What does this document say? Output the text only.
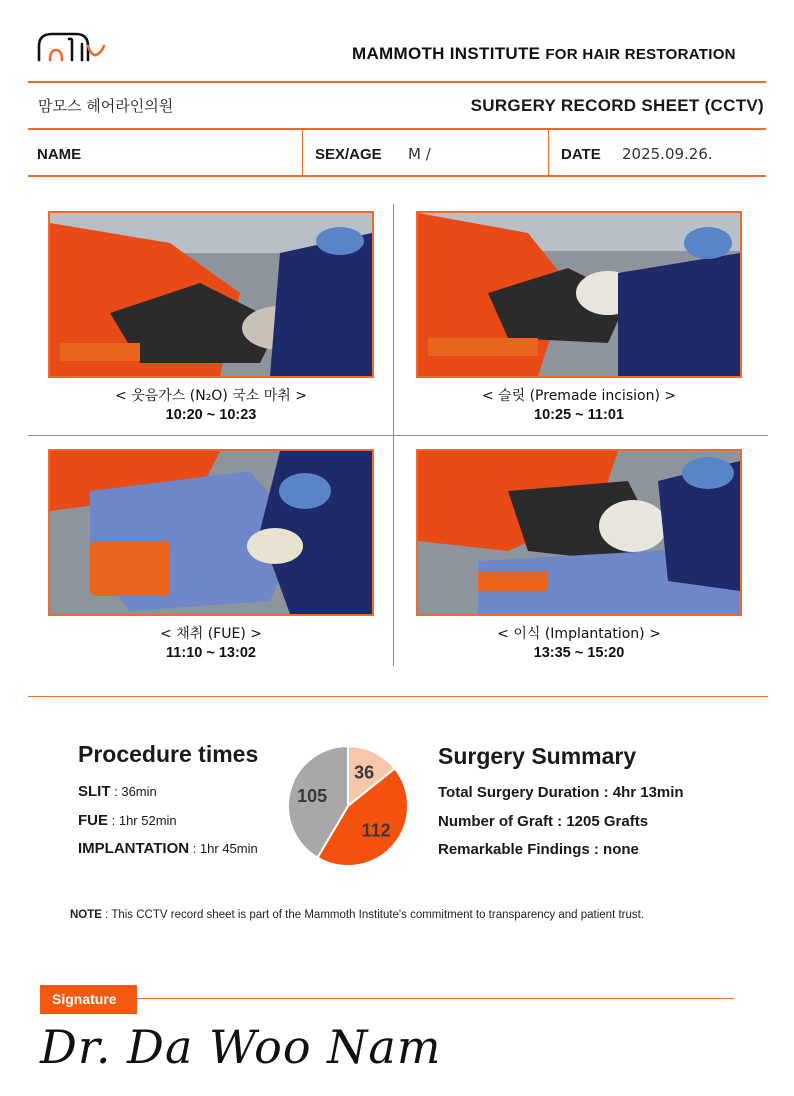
MAMMOTH INSTITUTE FOR HAIR RESTORATION
맘모스 헤어라인의원	SURGERY RECORD SHEET (CCTV)
NAME	SEX/AGE M /	DATE 2025.09.26.
< 웃음가스 (N₂O) 국소 마취 >
10:20 ~ 10:23
< 슬릿 (Premade incision) >
10:25 ~ 11:01
< 채취 (FUE) >
11:10 ~ 13:02
< 이식 (Implantation) >
13:35 ~ 15:20
Procedure times
SLIT : 36min
FUE : 1hr 52min
IMPLANTATION : 1hr 45min
36
112
105
Surgery Summary
Total Surgery Duration : 4hr 13min
Number of Graft : 1205 Grafts
Remarkable Findings : none
NOTE : This CCTV record sheet is part of the Mammoth Institute's commitment to transparency and patient trust.
Signature
Dr. Da Woo Nam
